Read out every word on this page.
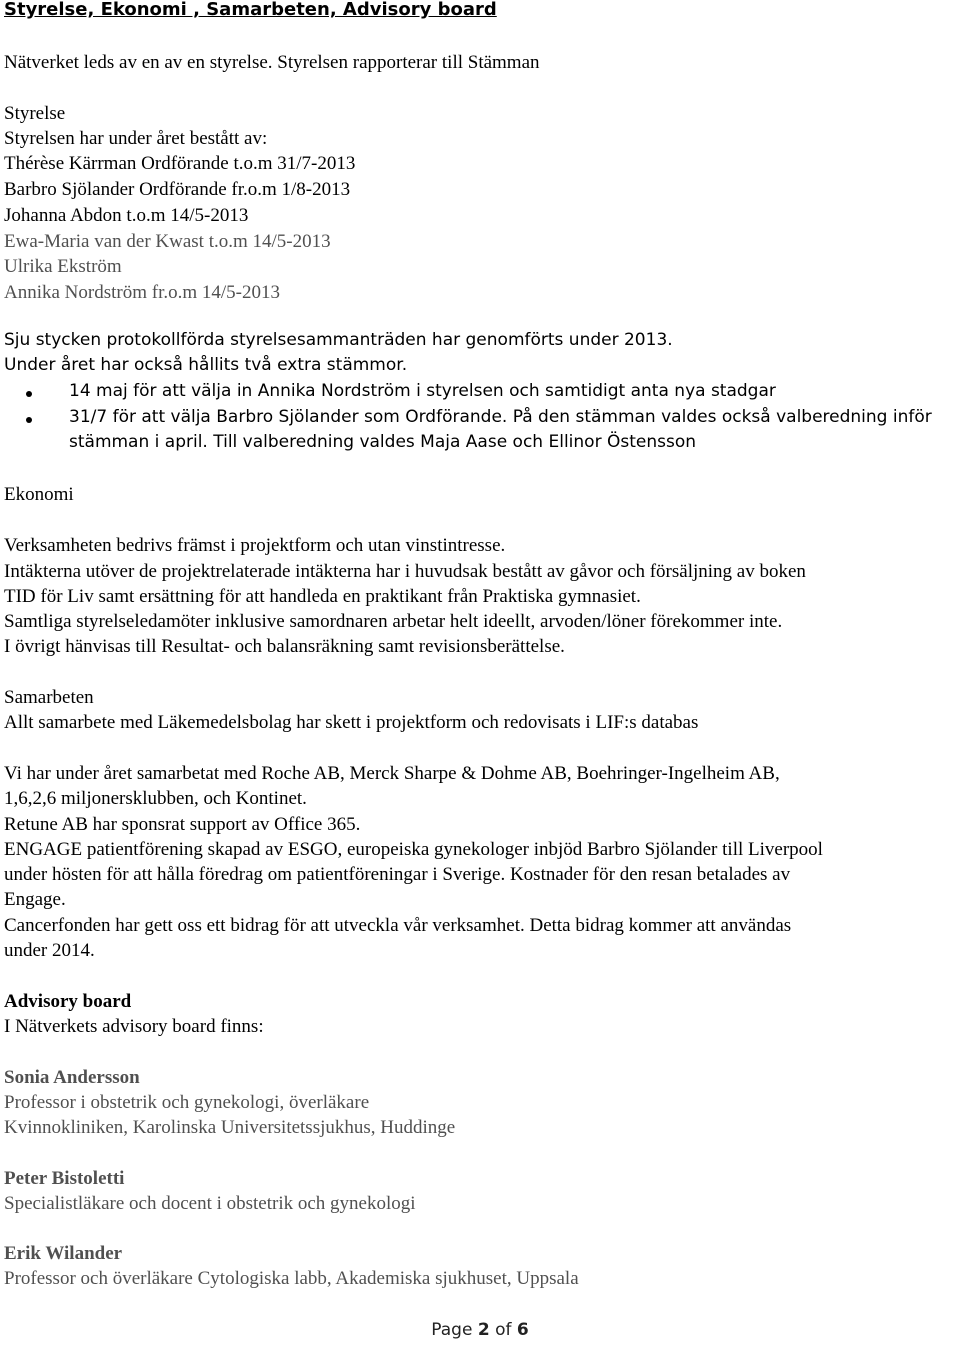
Styrelse, Ekonomi , Samarbeten, Advisory board
Nätverket leds av en av en styrelse. Styrelsen rapporterar till Stämman
Styrelse
Styrelsen har under året bestått av:
Thérèse Kärrman Ordförande t.o.m 31/7-2013
Barbro Sjölander Ordförande fr.o.m 1/8-2013
Johanna Abdon t.o.m 14/5-2013
Ewa-Maria van der Kwast t.o.m 14/5-2013
Ulrika Ekström
Annika Nordström fr.o.m 14/5-2013
Sju stycken protokollförda styrelsesammanträden har genomförts under 2013.
Under året har också hållits två extra stämmor.
14 maj för att välja in Annika Nordström i styrelsen och samtidigt anta nya stadgar
31/7 för att välja Barbro Sjölander som Ordförande. På den stämman valdes också valberedning inför
stämman i april. Till valberedning valdes Maja Aase och Ellinor Östensson
Ekonomi
Verksamheten bedrivs främst i projektform och utan vinstintresse.
Intäkterna utöver de projektrelaterade intäkterna har i huvudsak bestått av gåvor och försäljning av boken
TID för Liv samt ersättning för att handleda en praktikant från Praktiska gymnasiet.
Samtliga styrelseledamöter inklusive samordnaren arbetar helt ideellt, arvoden/löner förekommer inte.
I övrigt hänvisas till Resultat- och balansräkning samt revisionsberättelse.
Samarbeten
Allt samarbete med Läkemedelsbolag har skett i projektform och redovisats i LIF:s databas
Vi har under året samarbetat med Roche AB, Merck Sharpe & Dohme AB, Boehringer-Ingelheim AB,
1,6,2,6 miljonersklubben, och Kontinet.
Retune AB har sponsrat support av Office 365.
ENGAGE patientförening skapad av ESGO, europeiska gynekologer inbjöd Barbro Sjölander till Liverpool
under hösten för att hålla föredrag om patientföreningar i Sverige. Kostnader för den resan betalades av
Engage.
Cancerfonden har gett oss ett bidrag för att utveckla vår verksamhet. Detta bidrag kommer att användas
under 2014.
Advisory board
I Nätverkets advisory board finns:
Sonia Andersson
Professor i obstetrik och gynekologi, överläkare
Kvinnokliniken, Karolinska Universitetssjukhus, Huddinge
Peter Bistoletti
Specialistläkare och docent i obstetrik och gynekologi
Erik Wilander
Professor och överläkare Cytologiska labb, Akademiska sjukhuset, Uppsala
Page 2 of 6
